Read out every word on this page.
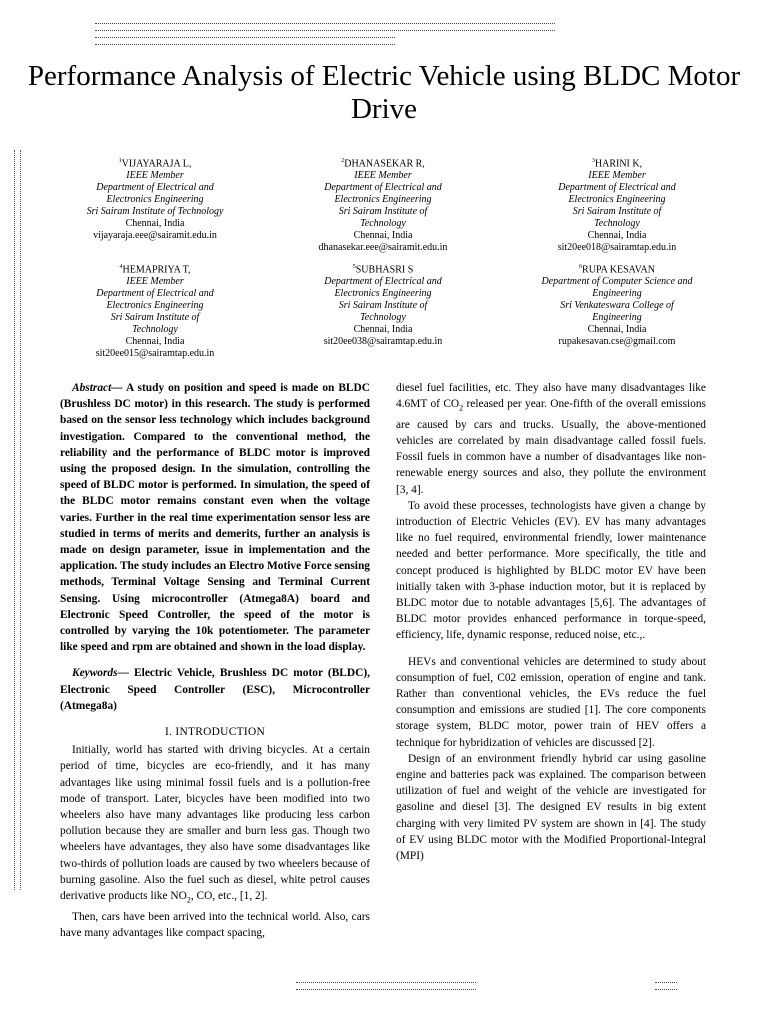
Performance Analysis of Electric Vehicle using BLDC Motor Drive
$^1$VIJAYARAJA L,
IEEE Member
Department of Electrical and Electronics Engineering
Sri Sairam Institute of Technology
Chennai, India
vijayaraja.eee@sairamit.edu.in
$^2$DHANASEKAR R,
IEEE Member
Department of Electrical and Electronics Engineering
Sri Sairam Institute of Technology
Chennai, India
dhanasekar.eee@sairamit.edu.in
$^3$HARINI K,
IEEE Member
Department of Electrical and Electronics Engineering
Sri Sairam Institute of Technology
Chennai, India
sit20ee018@sairamtap.edu.in
$^4$HEMAPRIYA T,
IEEE Member
Department of Electrical and Electronics Engineering
Sri Sairam Institute of Technology
Chennai, India
sit20ee015@sairamtap.edu.in
$^5$SUBHASRI S
Department of Electrical and Electronics Engineering
Sri Sairam Institute of Technology
Chennai, India
sit20ee038@sairamtap.edu.in
$^6$RUPA KESAVAN
Department of Computer Science and Engineering
Sri Venkateswara College of Engineering
Chennai, India
rupakesavan.cse@gmail.com

Abstract— A study on position and speed is made on BLDC (Brushless DC motor) in this research. The study is performed based on the sensor less technology which includes background investigation. Compared to the conventional method, the reliability and the performance of BLDC motor is improved using the proposed design. In the simulation, controlling the speed of BLDC motor is performed. In simulation, the speed of the BLDC motor remains constant even when the voltage varies. Further in the real time experimentation sensor less are studied in terms of merits and demerits, further an analysis is made on design parameter, issue in implementation and the application. The study includes an Electro Motive Force sensing methods, Terminal Voltage Sensing and Terminal Current Sensing. Using microcontroller (Atmega8A) board and Electronic Speed Controller, the speed of the motor is controlled by varying the 10k potentiometer. The parameter like speed and rpm are obtained and shown in the load display.

Keywords— Electric Vehicle, Brushless DC motor (BLDC), Electronic Speed Controller (ESC), Microcontroller (Atmega8a)

I. INTRODUCTION

Initially, world has started with driving bicycles. At a certain period of time, bicycles are eco-friendly, and it has many advantages like using minimal fossil fuels and is a pollution-free mode of transport. Later, bicycles have been modified into two wheelers also have many advantages like producing less carbon pollution because they are smaller and burn less gas. Though two wheelers have advantages, they also have some disadvantages like two-thirds of pollution loads are caused by two wheelers because of burning gasoline. Also the fuel such as diesel, white petrol causes derivative products like $NO_2$, CO, etc., [1, 2].

Then, cars have been arrived into the technical world. Also, cars have many advantages like compact spacing,

diesel fuel facilities, etc. They also have many disadvantages like 4.6MT of $CO_2$ released per year. One-fifth of the overall emissions are caused by cars and trucks. Usually, the above-mentioned vehicles are correlated by main disadvantage called fossil fuels. Fossil fuels in common have a number of disadvantages like non-renewable energy sources and also, they pollute the environment [3, 4].

To avoid these processes, technologists have given a change by introduction of Electric Vehicles (EV). EV has many advantages like no fuel required, environmental friendly, lower maintenance needed and better performance. More specifically, the title and concept produced is highlighted by BLDC motor EV have been initially taken with 3-phase induction motor, but it is replaced by BLDC motor due to notable advantages [5,6]. The advantages of BLDC motor provides enhanced performance in torque-speed, efficiency, life, dynamic response, reduced noise, etc.,.

HEVs and conventional vehicles are determined to study about consumption of fuel, C02 emission, operation of engine and tank. Rather than conventional vehicles, the EVs reduce the fuel consumption and emissions are studied [1]. The core components storage system, BLDC motor, power train of HEV offers a technique for hybridization of vehicles are discussed [2].

Design of an environment friendly hybrid car using gasoline engine and batteries pack was explained. The comparison between utilization of fuel and weight of the vehicle are investigated for gasoline and diesel [3]. The designed EV results in big extent charging with very limited PV system are shown in [4]. The study of EV using BLDC motor with the Modified Proportional-Integral (MPI)
